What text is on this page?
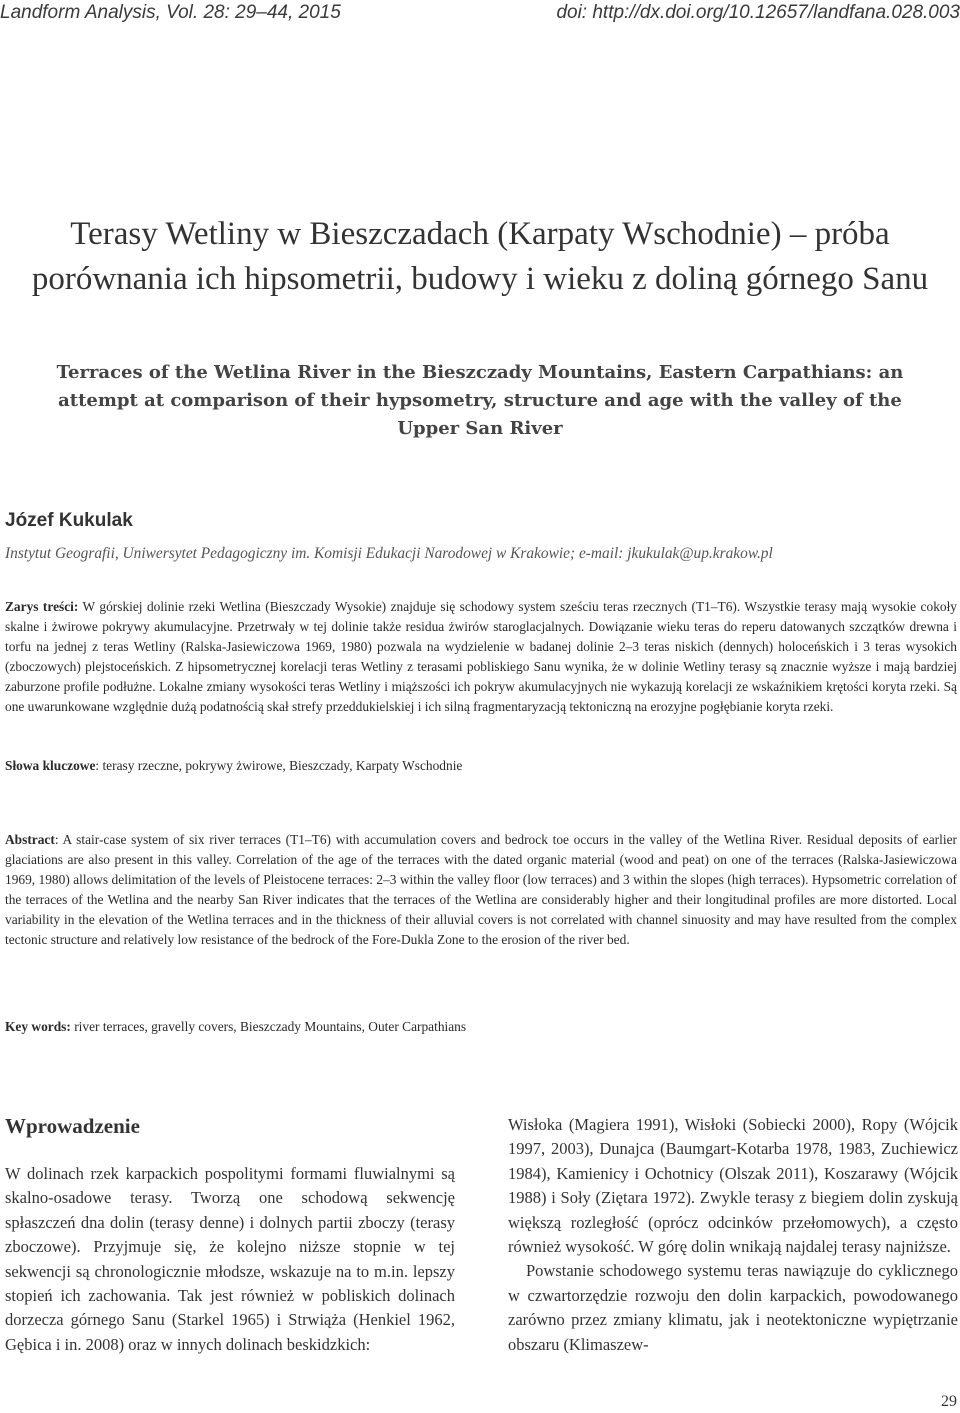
Landform Analysis, Vol. 28: 29–44, 2015	doi: http://dx.doi.org/10.12657/landfana.028.003
Terasy Wetliny w Bieszczadach (Karpaty Wschodnie) – próba porównania ich hipsometrii, budowy i wieku z doliną górnego Sanu
Terraces of the Wetlina River in the Bieszczady Mountains, Eastern Carpathians: an attempt at comparison of their hypsometry, structure and age with the valley of the Upper San River
Józef Kukulak
Instytut Geografii, Uniwersytet Pedagogiczny im. Komisji Edukacji Narodowej w Krakowie; e-mail: jkukulak@up.krakow.pl
Zarys treści: W górskiej dolinie rzeki Wetlina (Bieszczady Wysokie) znajduje się schodowy system sześciu teras rzecznych (T1–T6). Wszystkie terasy mają wysokie cokoły skalne i żwirowe pokrywy akumulacyjne. Przetrwały w tej dolinie także residua żwirów staroglacjalnych. Dowiązanie wieku teras do reperu datowanych szczątków drewna i torfu na jednej z teras Wetliny (Ralska-Jasiewiczowa 1969, 1980) pozwala na wydzielenie w badanej dolinie 2–3 teras niskich (dennych) holoceńskich i 3 teras wysokich (zboczowych) plejstoceńskich. Z hipsometrycznej korelacji teras Wetliny z terasami pobliskiego Sanu wynika, że w dolinie Wetliny terasy są znacznie wyższe i mają bardziej zaburzone profile podłużne. Lokalne zmiany wysokości teras Wetliny i miąższości ich pokryw akumulacyjnych nie wykazują korelacji ze wskaźnikiem krętości koryta rzeki. Są one uwarunkowane względnie dużą podatnością skał strefy przeddukielskiej i ich silną fragmentaryzacją tektoniczną na erozyjne pogłębianie koryta rzeki.
Słowa kluczowe: terasy rzeczne, pokrywy żwirowe, Bieszczady, Karpaty Wschodnie
Abstract: A stair-case system of six river terraces (T1–T6) with accumulation covers and bedrock toe occurs in the valley of the Wetlina River. Residual deposits of earlier glaciations are also present in this valley. Correlation of the age of the terraces with the dated organic material (wood and peat) on one of the terraces (Ralska-Jasiewiczowa 1969, 1980) allows delimitation of the levels of Pleistocene terraces: 2–3 within the valley floor (low terraces) and 3 within the slopes (high terraces). Hypsometric correlation of the terraces of the Wetlina and the nearby San River indicates that the terraces of the Wetlina are considerably higher and their longitudinal profiles are more distorted. Local variability in the elevation of the Wetlina terraces and in the thickness of their alluvial covers is not correlated with channel sinuosity and may have resulted from the complex tectonic structure and relatively low resistance of the bedrock of the Fore-Dukla Zone to the erosion of the river bed.
Key words: river terraces, gravelly covers, Bieszczady Mountains, Outer Carpathians
Wprowadzenie

W dolinach rzek karpackich pospolitymi formami fluwialnymi są skalno-osadowe terasy. Tworzą one schodową sekwencję spłaszczeń dna dolin (terasy denne) i dolnych partii zboczy (terasy zboczowe). Przyjmuje się, że kolejno niższe stopnie w tej sekwencji są chronologicznie młodsze, wskazuje na to m.in. lepszy stopień ich zachowania. Tak jest również w pobliskich dolinach dorzecza górnego Sanu (Starkel 1965) i Strwiąża (Henkiel 1962, Gębica i in. 2008) oraz w innych dolinach beskidzkich:

Wisłoka (Magiera 1991), Wisłoki (Sobiecki 2000), Ropy (Wójcik 1997, 2003), Dunajca (Baumgart-Kotarba 1978, 1983, Zuchiewicz 1984), Kamienicy i Ochotnicy (Olszak 2011), Koszarawy (Wójcik 1988) i Soły (Ziętara 1972). Zwykle terasy z biegiem dolin zyskują większą rozległość (oprócz odcinków przełomowych), a często również wysokość. W górę dolin wnikają najdalej terasy najniższe.

Powstanie schodowego systemu teras nawiązuje do cyklicznego w czwartorzędzie rozwoju den dolin karpackich, powodowanego zarówno przez zmiany klimatu, jak i neotektoniczne wypiętrzanie obszaru (Klimaszew-

29
